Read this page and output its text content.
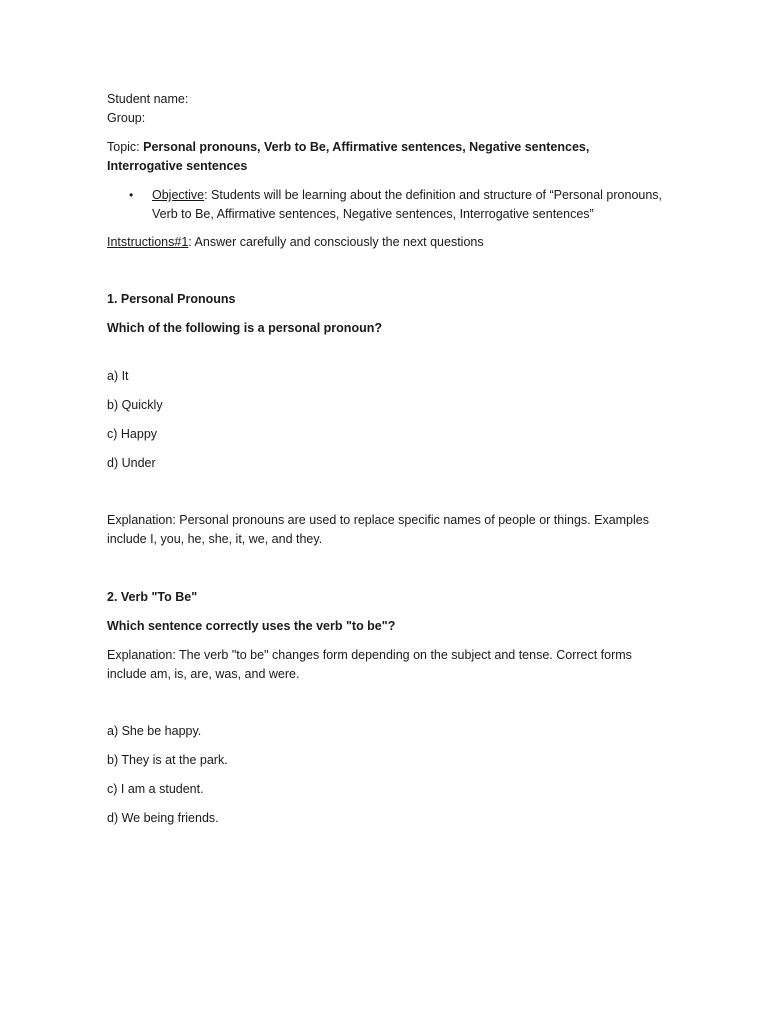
Student name:

Group:

Topic: Personal pronouns, Verb to Be, Affirmative sentences, Negative sentences, Interrogative sentences

•	Objective: Students will be learning about the definition and structure of “Personal pronouns, Verb to Be, Affirmative sentences, Negative sentences, Interrogative sentences”

Intstructions#1: Answer carefully and consciously the next questions

1. Personal Pronouns

Which of the following is a personal pronoun?

a) It

b) Quickly

c) Happy

d) Under

Explanation: Personal pronouns are used to replace specific names of people or things. Examples include I, you, he, she, it, we, and they.

2. Verb "To Be"

Which sentence correctly uses the verb "to be"?

Explanation: The verb "to be" changes form depending on the subject and tense. Correct forms include am, is, are, was, and were.

a) She be happy.

b) They is at the park.

c) I am a student.

d) We being friends.
